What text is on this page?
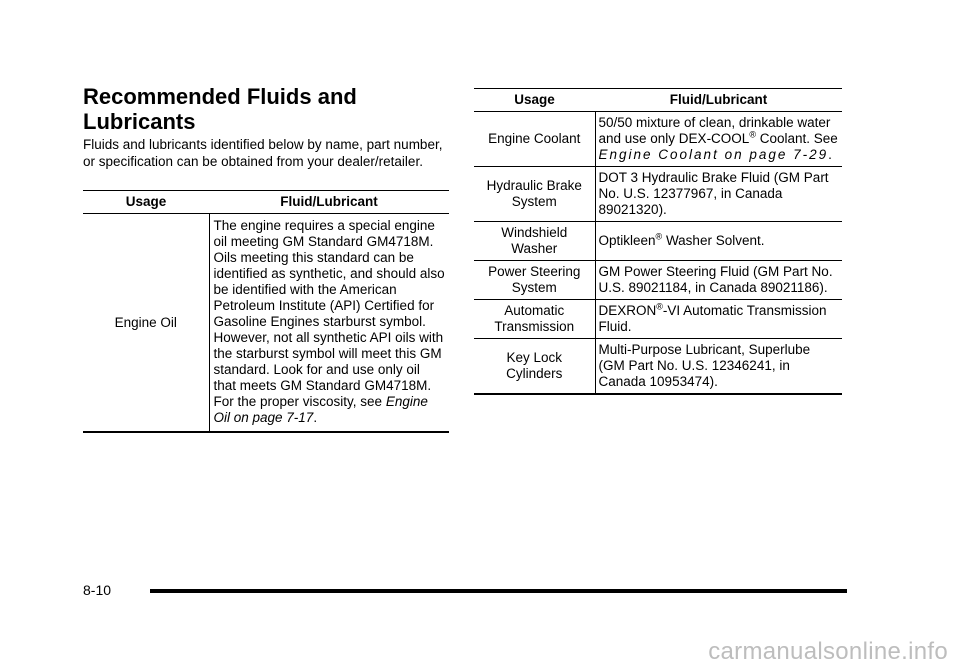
Recommended Fluids and Lubricants

Fluids and lubricants identified below by name, part number, or specification can be obtained from your dealer/retailer.

Usage	Fluid/Lubricant
Engine Oil	The engine requires a special engine oil meeting GM Standard GM4718M. Oils meeting this standard can be identified as synthetic, and should also be identified with the American Petroleum Institute (API) Certified for Gasoline Engines starburst symbol. However, not all synthetic API oils with the starburst symbol will meet this GM standard. Look for and use only oil that meets GM Standard GM4718M. For the proper viscosity, see Engine Oil on page 7-17.
Usage	Fluid/Lubricant
Engine Coolant	50/50 mixture of clean, drinkable water and use only DEX-COOL® Coolant. See Engine Coolant on page 7-29.
Hydraulic Brake System	DOT 3 Hydraulic Brake Fluid (GM Part No. U.S. 12377967, in Canada 89021320).
Windshield Washer	Optikleen® Washer Solvent.
Power Steering System	GM Power Steering Fluid (GM Part No. U.S. 89021184, in Canada 89021186).
Automatic Transmission	DEXRON®-VI Automatic Transmission Fluid.
Key Lock Cylinders	Multi-Purpose Lubricant, Superlube (GM Part No. U.S. 12346241, in Canada 10953474).

8-10

carmanualsonline.info
